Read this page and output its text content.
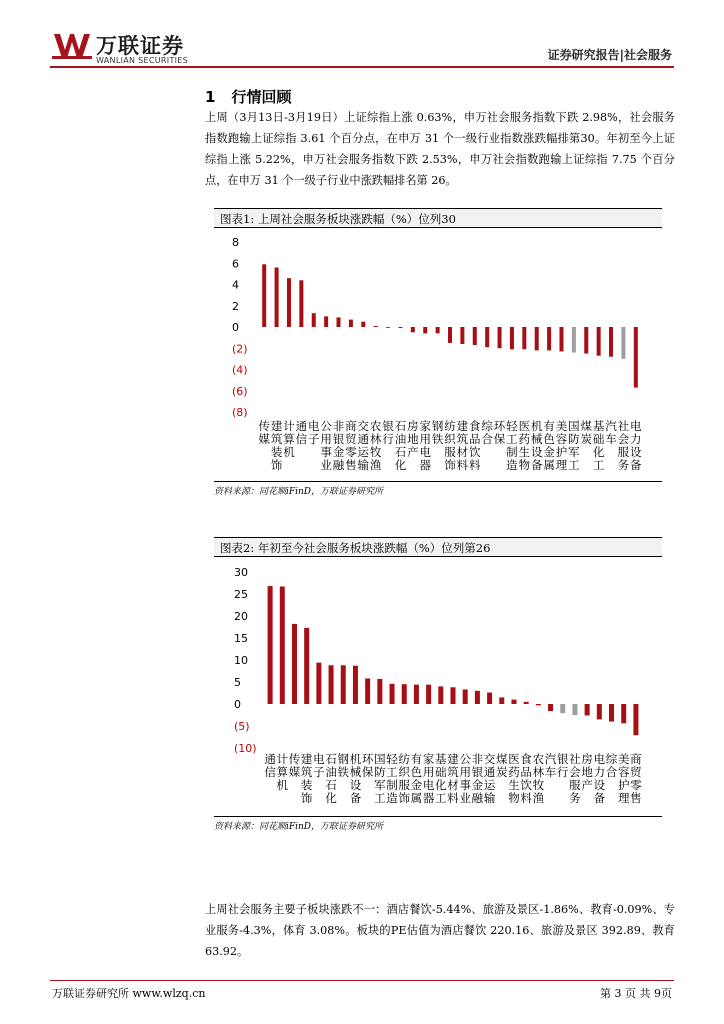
万联证券
WANLIAN SECURITIES	证券研究报告|社会服务
1 行情回顾
上周（3月13日-3月19日）上证综指上涨 0.63%，申万社会服务指数下跌 2.98%，社会服务指数跑输上证综指 3.61 个百分点，在申万 31 个一级行业指数涨跌幅排第30。年初至今上证综指上涨 5.22%，申万社会服务指数下跌 2.53%，申万社会指数跑输上证综指 7.75 个百分点，在申万 31 个一级子行业中涨跌幅排名第 26。
图表1: 上周社会服务板块涨跌幅（%）位列30
8
6
4
2
0
(2)
(4)
(6)
(8)
传
媒
建
筑
装
饰
计
算
机
通
信
电
子
公
用
事
业
非
银
金
融
商
贸
零
售
交
通
运
输
农
林
牧
渔
银
行
石
油
石
化
房
地
产
家
用
电
器
钢
铁
纺
织
服
饰
建
筑
材
料
食
品
饮
料
综
合
环
保
轻
工
制
造
医
药
生
物
机
械
设
备
有
色
金
属
美
容
护
理
国
防
军
工
煤
炭
基
础
化
工
汽
车
社
会
服
务
电
力
设
备
资料来源：同花顺iFinD，万联证券研究所
图表2: 年初至今社会服务板块涨跌幅（%）位列第26
30
25
20
15
10
5
0
(5)
(10)
通
信
计
算
机
传
媒
建
筑
装
饰
电
子
石
油
石
化
钢
铁
机
械
设
备
环
保
国
防
军
工
轻
工
制
造
纺
织
服
饰
有
色
金
属
家
用
电
器
基
础
化
工
建
筑
材
料
公
用
事
业
非
银
金
融
交
通
运
输
煤
炭
医
药
生
物
食
品
饮
料
农
林
牧
渔
汽
车
银
行
社
会
服
务
房
地
产
电
力
设
备
综
合
美
容
护
理
商
贸
零
售
资料来源：同花顺iFinD，万联证券研究所
上周社会服务主要子板块涨跌不一：酒店餐饮-5.44%、旅游及景区-1.86%、教育-0.09%、专业服务-4.3%，体育 3.08%。板块的PE估值为酒店餐饮 220.16、旅游及景区 392.89、教育 63.92。
万联证券研究所 www.wlzq.cn	第 3 页 共 9页
